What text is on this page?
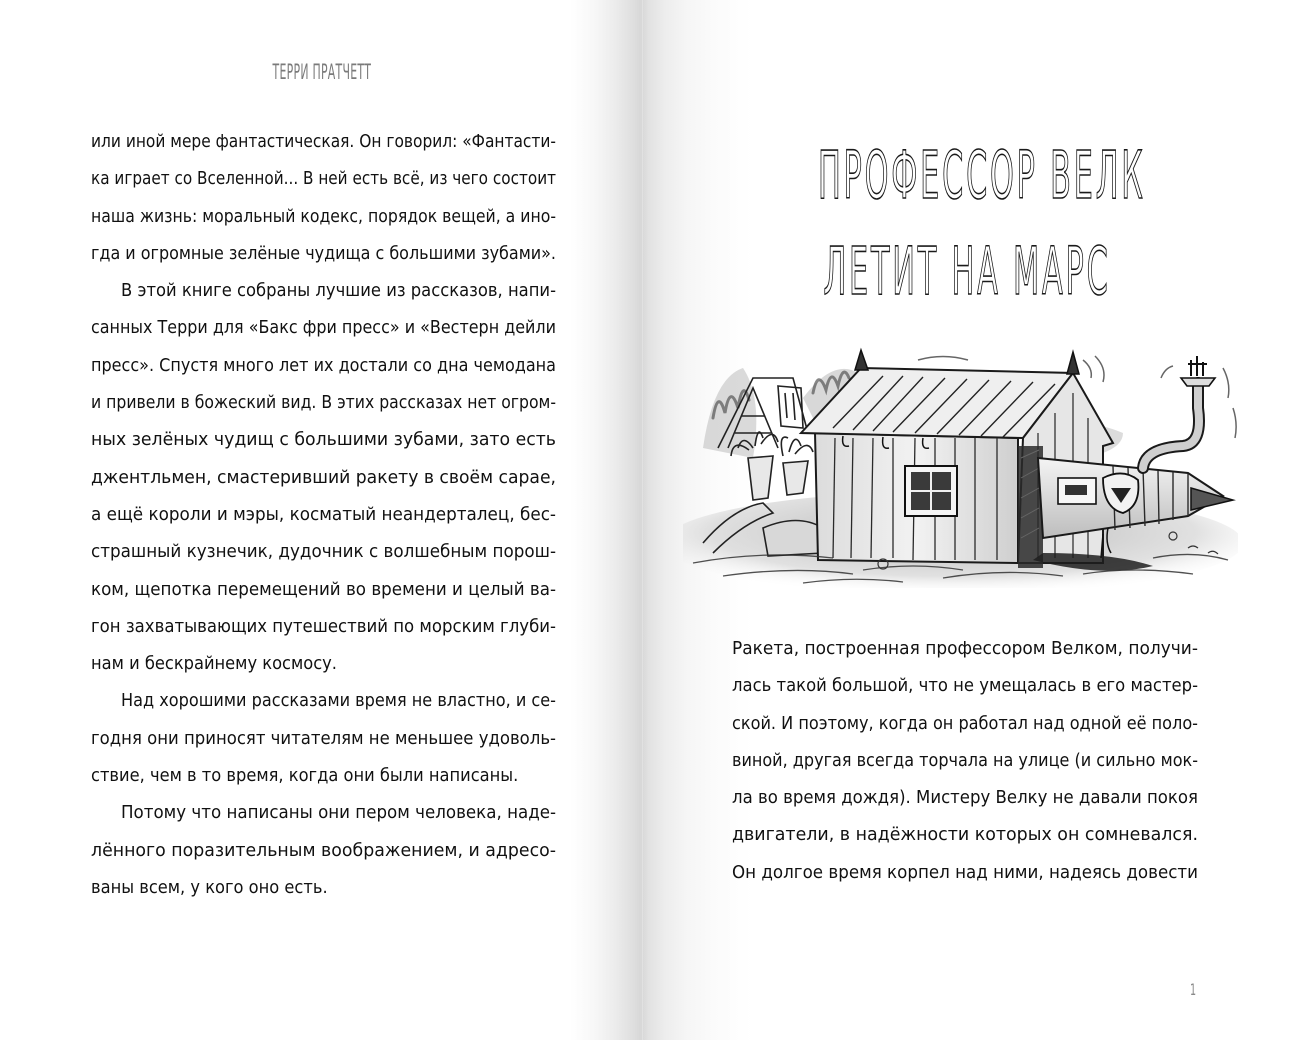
ТЕРРИ ПРАТЧЕТТ
или иной мере фантастическая. Он говорил: «Фантасти-
ка играет со Вселенной... В ней есть всё, из чего состоит
наша жизнь: моральный кодекс, порядок вещей, а ино-
гда и огромные зелёные чудища с большими зубами».
В этой книге собраны лучшие из рассказов, напи-
санных Терри для «Бакс фри пресс» и «Вестерн дейли
пресс». Спустя много лет их достали со дна чемодана
и привели в божеский вид. В этих рассказах нет огром-
ных зелёных чудищ с большими зубами, зато есть
джентльмен, смастеривший ракету в своём сарае,
а ещё короли и мэры, косматый неандерталец, бес-
страшный кузнечик, дудочник с волшебным порош-
ком, щепотка перемещений во времени и целый ва-
гон захватывающих путешествий по морским глуби-
нам и бескрайнему космосу.
Над хорошими рассказами время не властно, и се-
годня они приносят читателям не меньшее удоволь-
ствие, чем в то время, когда они были написаны.
Потому что написаны они пером человека, наде-
лённого поразительным воображением, и адресо-
ваны всем, у кого оно есть.
ПРОФЕССОР ВЕЛК
ЛЕТИТ НА МАРС
Ракета, построенная профессором Велком, получи-
лась такой большой, что не умещалась в его мастер-
ской. И поэтому, когда он работал над одной её поло-
виной, другая всегда торчала на улице (и сильно мок-
ла во время дождя). Мистеру Велку не давали покоя
двигатели, в надёжности которых он сомневался.
Он долгое время корпел над ними, надеясь довести
1
